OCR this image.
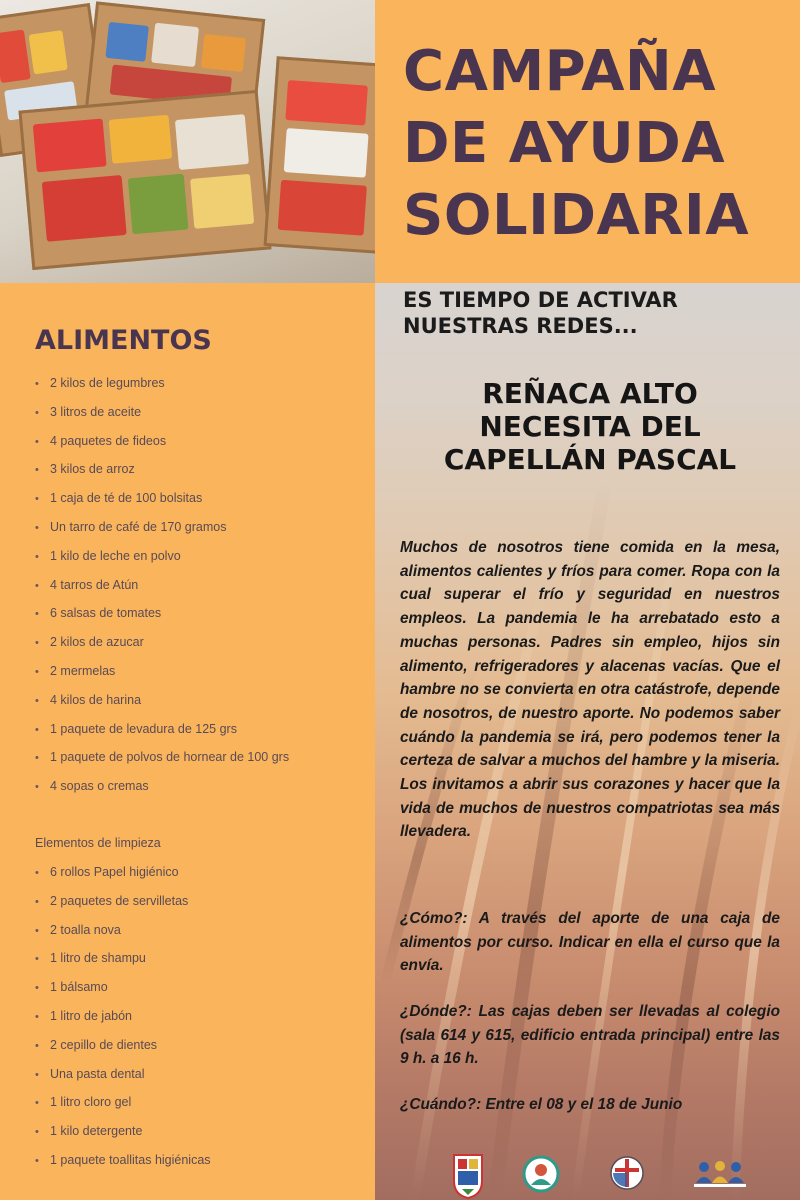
CAMPAÑA
DE AYUDA
SOLIDARIA
ALIMENTOS
• 2 kilos de legumbres
• 3 litros de aceite
• 4 paquetes de fideos
• 3 kilos de arroz
• 1 caja de té de 100 bolsitas
• Un tarro de café de 170 gramos
• 1 kilo de leche en polvo
• 4 tarros de Atún
• 6 salsas de tomates
• 2 kilos de azucar
• 2 mermelas
• 4 kilos de harina
• 1 paquete de levadura de 125 grs
• 1 paquete de polvos de hornear de 100 grs
• 4 sopas o cremas
Elementos de limpieza
• 6 rollos Papel higiénico
• 2 paquetes de servilletas
• 2 toalla nova
• 1 litro de shampu
• 1 bálsamo
• 1 litro de jabón
• 2 cepillo de dientes
• Una pasta dental
• 1 litro cloro gel
• 1 kilo detergente
• 1 paquete toallitas higiénicas
ES TIEMPO DE ACTIVAR
NUESTRAS REDES...
REÑACA ALTO
NECESITA DEL
CAPELLÁN PASCAL

Muchos de nosotros tiene comida en la mesa, alimentos calientes y fríos para comer. Ropa con la cual superar el frío y seguridad en nuestros empleos. La pandemia le ha arrebatado esto a muchas personas. Padres sin empleo, hijos sin alimento, refrigeradores y alacenas vacías. Que el hambre no se convierta en otra catástrofe, depende de nosotros, de nuestro aporte. No podemos saber cuándo la pandemia se irá, pero podemos tener la certeza de salvar a muchos del hambre y la miseria. Los invitamos a abrir sus corazones y hacer que la vida de muchos de nuestros compatriotas sea más llevadera.

¿Cómo?: A través del aporte de una caja de alimentos por curso. Indicar en ella el curso que la envía.

¿Dónde?: Las cajas deben ser llevadas al colegio (sala 614 y 615, edificio entrada principal) entre las 9 h. a 16 h.

¿Cuándo?: Entre el 08 y el 18 de Junio
